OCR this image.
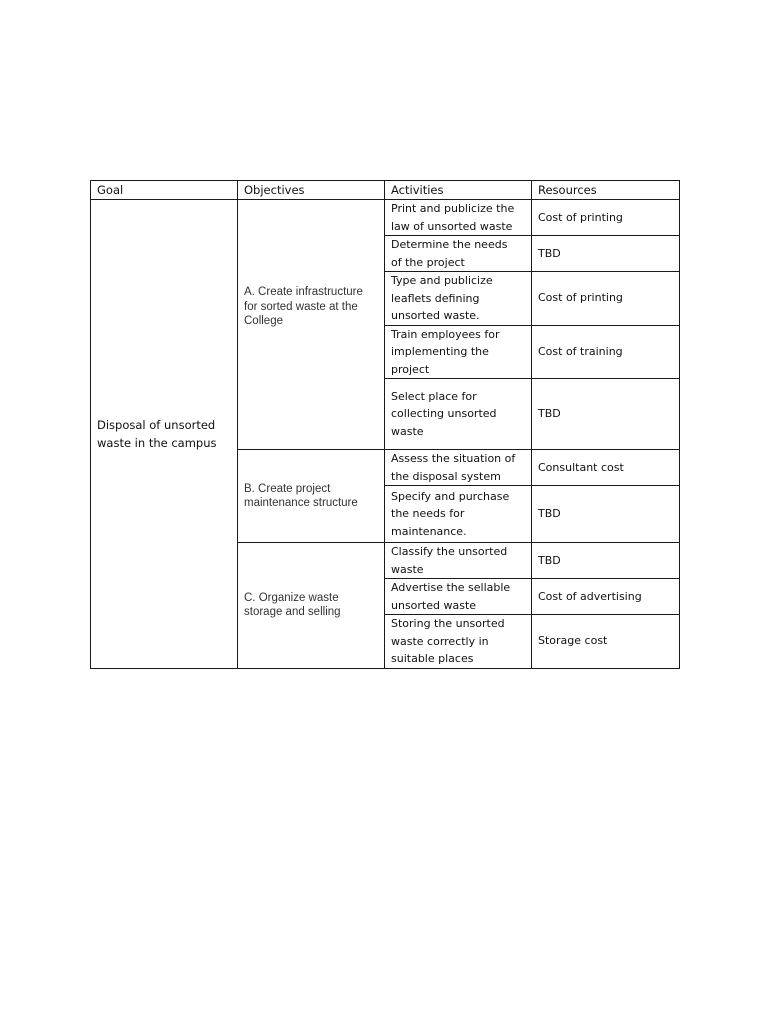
Goal	Objectives	Activities	Resources
Disposal of unsorted
waste in the campus	A. Create infrastructure
for sorted waste at the
College	Print and publicize the
law of unsorted waste	Cost of printing
		Determine the needs
of the project	TBD
		Type and publicize
leaflets defining
unsorted waste.	Cost of printing
		Train employees for
implementing the
project	Cost of training
		Select place for
collecting unsorted
waste	TBD
	B. Create project
maintenance structure	Assess the situation of
the disposal system	Consultant cost
		Specify and purchase
the needs for
maintenance.	TBD
	C. Organize waste
storage and selling	Classify the unsorted
waste	TBD
		Advertise the sellable
unsorted waste	Cost of advertising
		Storing the unsorted
waste correctly in
suitable places	Storage cost
